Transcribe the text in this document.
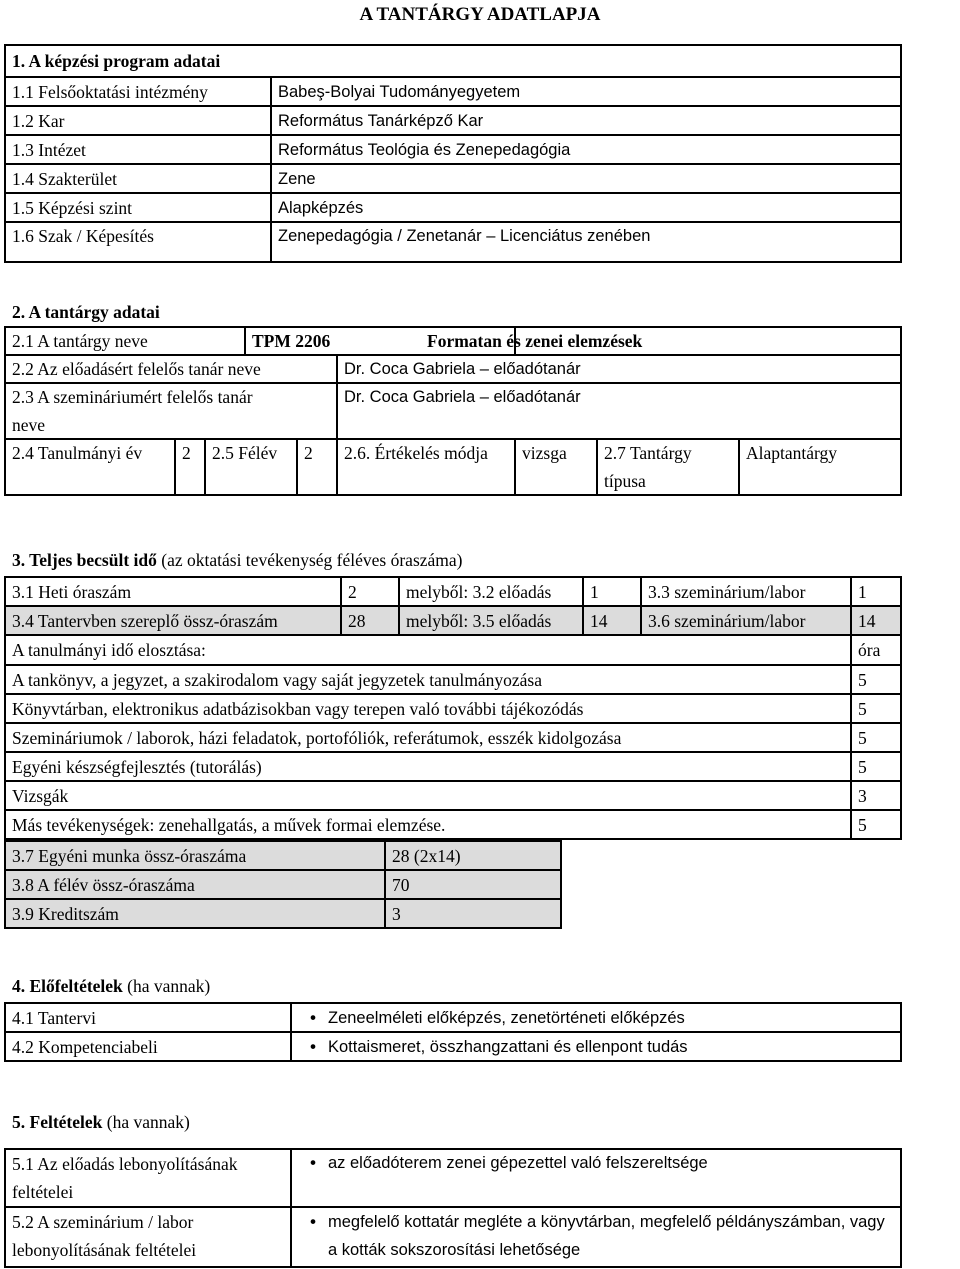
A TANTÁRGY ADATLAPJA
1. A képzési program adatai	
1.1 Felsőoktatási intézmény	Babeş-Bolyai Tudományegyetem
1.2 Kar	Református Tanárképző Kar
1.3 Intézet	Református Teológia és Zenepedagógia
1.4 Szakterület	Zene
1.5 Képzési szint	Alapképzés
1.6 Szak / Képesítés	Zenepedagógia / Zenetanár – Licenciátus zenében
2. A tantárgy adatai
2.1 A tantárgy neve	TPM 2206	Formatan és zenei elemzések
2.2 Az előadásért felelős tanár neve	Dr. Coca Gabriela – előadótanár

2.3 A szemináriumért felelős tanár
neve	Dr. Coca Gabriela – előadótanár
2.4 Tanulmányi év	2	2.5 Félév	2	2.6. Értékelés módja	vizsga	2.7 Tantárgy
típusa	Alaptantárgy
3. Teljes becsült idő (az oktatási tevékenység féléves óraszáma)
3.1 Heti óraszám	2	melyből: 3.2 előadás	1	3.3 szeminárium/labor	1
3.4 Tantervben szereplő össz-óraszám	28	melyből: 3.5 előadás	14	3.6 szeminárium/labor	14
A tanulmányi idő elosztása:					óra
A tankönyv, a jegyzet, a szakirodalom vagy saját jegyzetek tanulmányozása					5
Könyvtárban, elektronikus adatbázisokban vagy terepen való további tájékozódás					5
Szemináriumok / laborok, házi feladatok, portofóliók, referátumok, esszék kidolgozása					5
Egyéni készségfejlesztés (tutorálás)					5
Vizsgák					3
Más tevékenységek: zenehallgatás, a művek formai elemzése.					5
3.7 Egyéni munka össz-óraszáma	28 (2x14)
3.8 A félév össz-óraszáma	70
3.9 Kreditszám	3
4. Előfeltételek (ha vannak)
4.1 Tantervi	• Zeneelméleti előképzés, zenetörténeti előképzés
4.2 Kompetenciabeli	• Kottaismeret, összhangzattani és ellenpont tudás
5. Feltételek (ha vannak)
5.1 Az előadás lebonyolításának feltételei	• az előadóterem zenei gépezettel való felszereltsége

5.2 A szeminárium / labor lebonyolításának feltételei	• megfelelő kottatár megléte a könyvtárban, megfelelő példányszámban, vagy a kották sokszorosítási lehetősége
